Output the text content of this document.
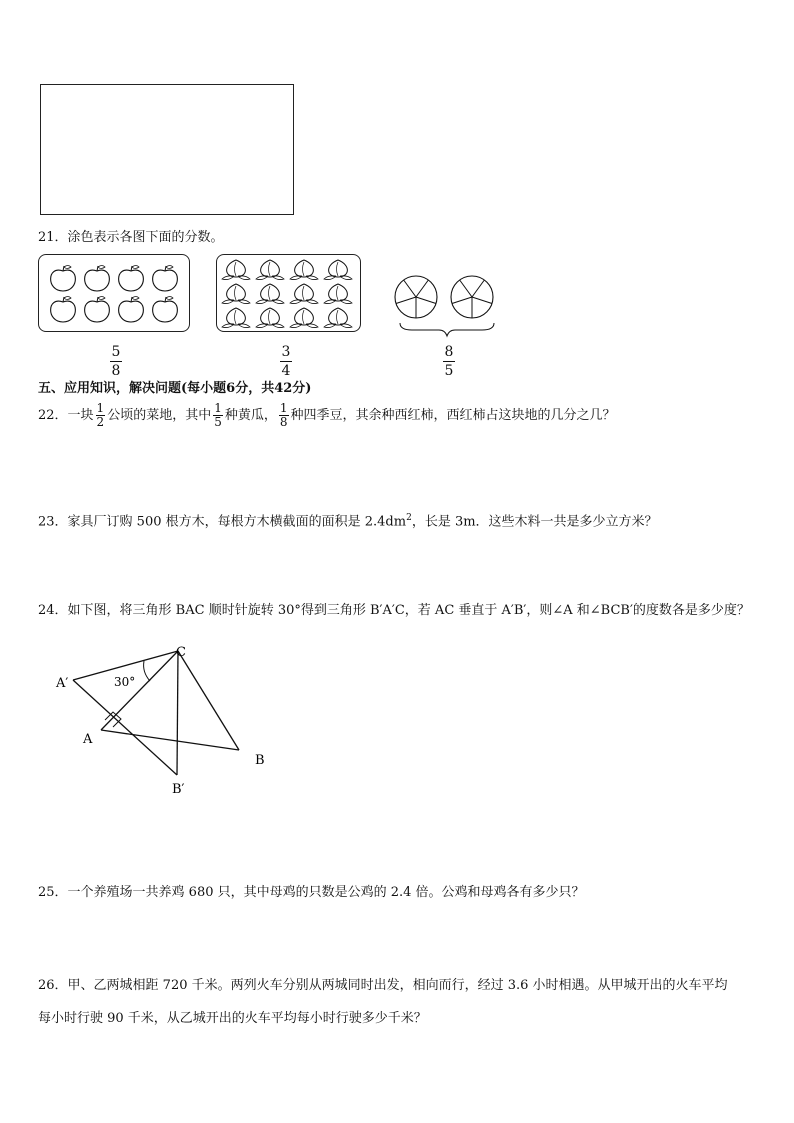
21．涂色表示各图下面的分数。
5
8
3
4
8
5
五、应用知识，解决问题(每小题6分，共42分)
22．一块 $\frac{1}{2}$ 公顷的菜地，其中 $\frac{1}{5}$ 种黄瓜， $\frac{1}{8}$ 种四季豆，其余种西红柿，西红柿占这块地的几分之几？
23．家具厂订购 500 根方木，每根方木横截面的面积是 $2.4dm^2$，长是 3m．这些木料一共是多少立方米？
24．如下图，将三角形 BAC 顺时针旋转 30°得到三角形 B′A′C，若 AC 垂直于 A′B′，则∠A 和∠BCB′的度数各是多少度？
30°
C
A′
A
B
B′
25．一个养殖场一共养鸡 680 只，其中母鸡的只数是公鸡的 2.4 倍。公鸡和母鸡各有多少只？
26．甲、乙两城相距 720 千米。两列火车分别从两城同时出发，相向而行，经过 3.6 小时相遇。从甲城开出的火车平均
每小时行驶 90 千米，从乙城开出的火车平均每小时行驶多少千米？
